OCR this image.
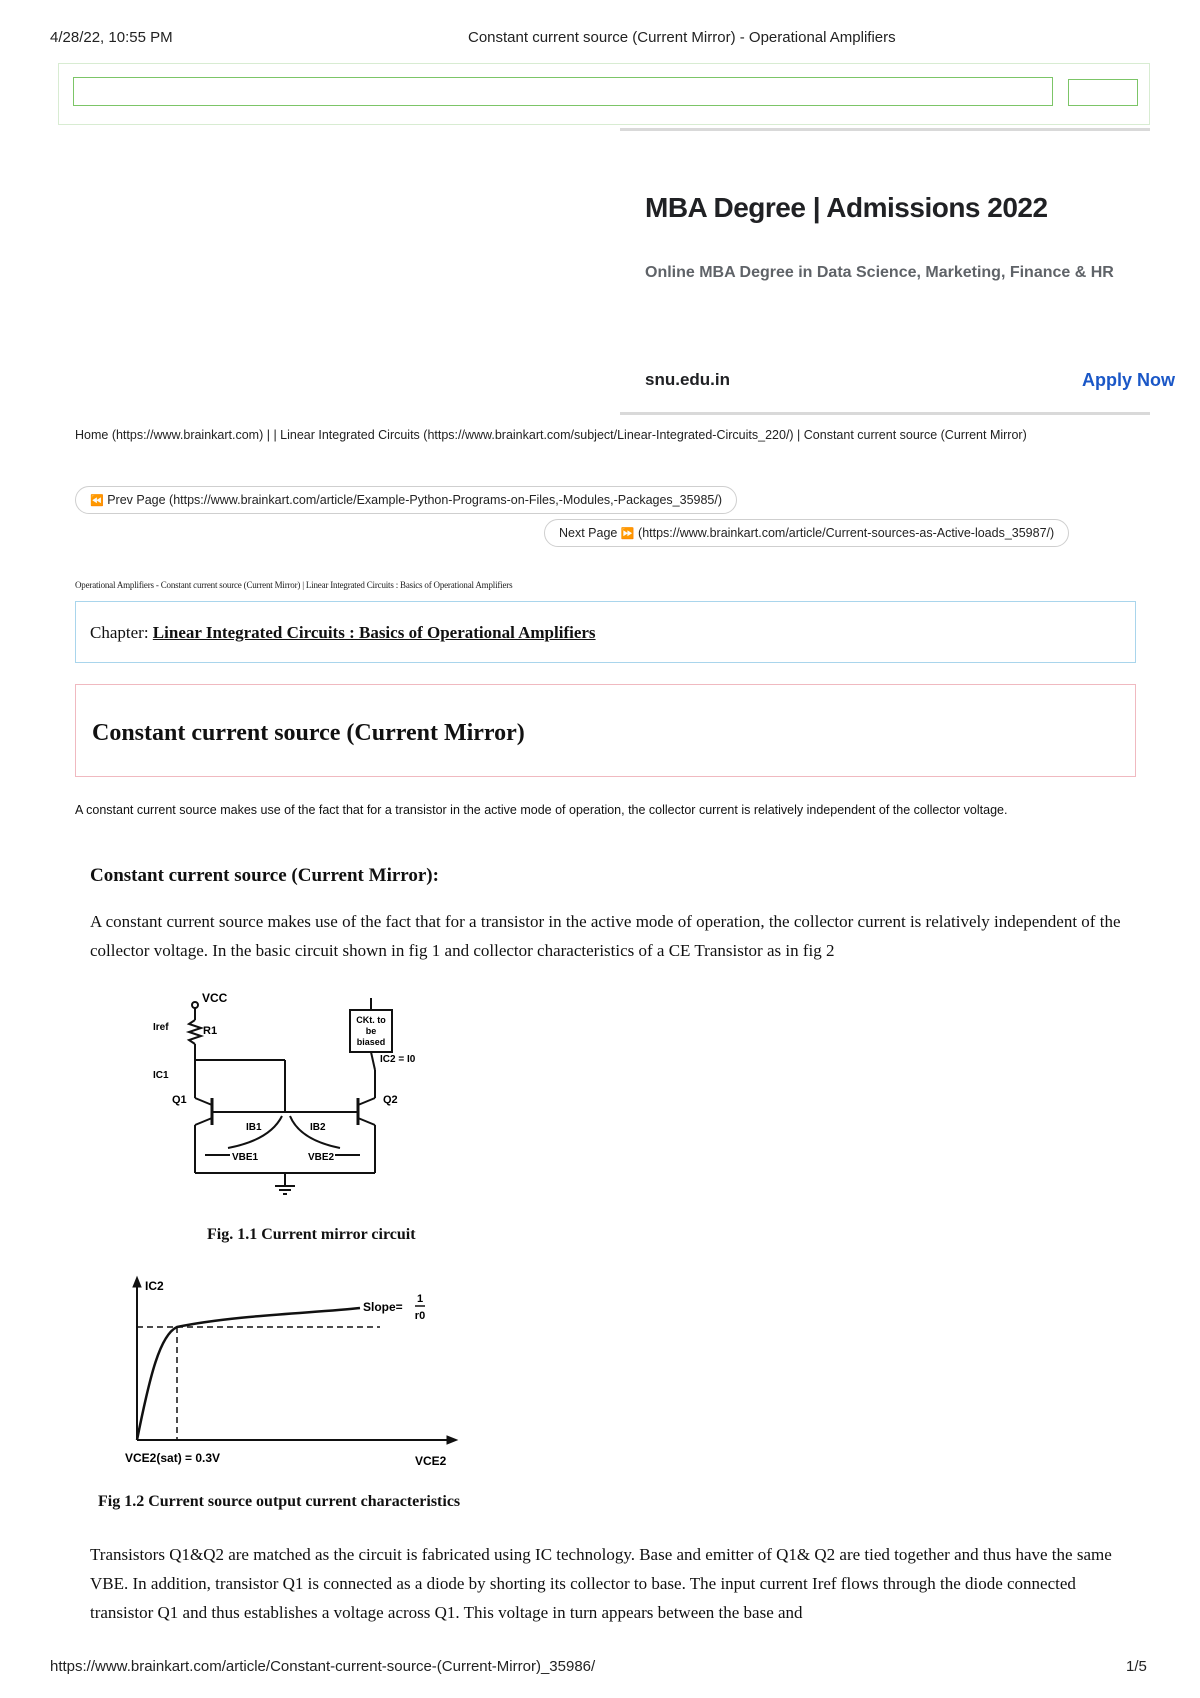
4/28/22, 10:55 PM	Constant current source (Current Mirror) - Operational Amplifiers
MBA Degree | Admissions 2022
Online MBA Degree in Data Science, Marketing, Finance & HR
snu.edu.in	Apply Now
Home (https://www.brainkart.com) | | Linear Integrated Circuits (https://www.brainkart.com/subject/Linear-Integrated-Circuits_220/) | Constant current source (Current Mirror)
⏪ Prev Page (https://www.brainkart.com/article/Example-Python-Programs-on-Files,-Modules,-Packages_35985/)
Next Page ⏩ (https://www.brainkart.com/article/Current-sources-as-Active-loads_35987/)
Operational Amplifiers - Constant current source (Current Mirror) | Linear Integrated Circuits : Basics of Operational Amplifiers
Chapter: Linear Integrated Circuits : Basics of Operational Amplifiers
Constant current source (Current Mirror)
A constant current source makes use of the fact that for a transistor in the active mode of operation, the collector current is relatively independent of the collector voltage.
Constant current source (Current Mirror):
A constant current source makes use of the fact that for a transistor in the active mode of operation, the collector current is relatively independent of the collector voltage. In the basic circuit shown in fig 1 and collector characteristics of a CE Transistor as in fig 2
VCC
Iref	R1
IC1
Q1	Q2
IB1	IB2
VBE1	VBE2
IC2 = I0
CKt. to
be
biased
Fig. 1.1 Current mirror circuit
IC2
Slope=
1
r0
VCE2(sat) = 0.3V	VCE2
Fig 1.2 Current source output current characteristics
Transistors Q1&Q2 are matched as the circuit is fabricated using IC technology. Base and emitter of Q1& Q2 are tied together and thus have the same VBE. In addition, transistor Q1 is connected as a diode by shorting its collector to base. The input current Iref flows through the diode connected transistor Q1 and thus establishes a voltage across Q1. This voltage in turn appears between the base and
https://www.brainkart.com/article/Constant-current-source-(Current-Mirror)_35986/	1/5
